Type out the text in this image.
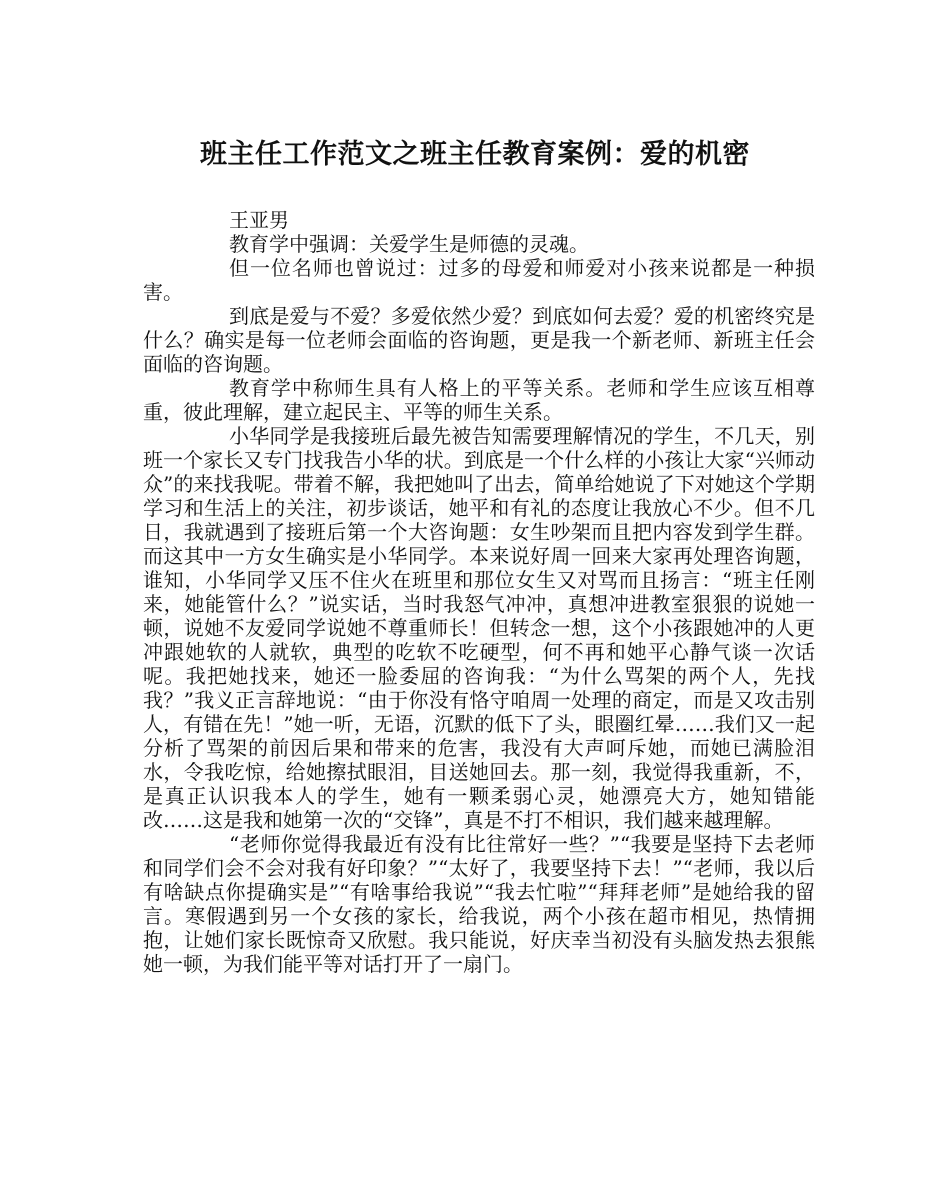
班主任工作范文之班主任教育案例：爱的机密

王亚男

教育学中强调：关爱学生是师德的灵魂。

但一位名师也曾说过：过多的母爱和师爱对小孩来说都是一种损害。

到底是爱与不爱？多爱依然少爱？到底如何去爱？爱的机密终究是什么？确实是每一位老师会面临的咨询题，更是我一个新老师、新班主任会面临的咨询题。

教育学中称师生具有人格上的平等关系。老师和学生应该互相尊重，彼此理解，建立起民主、平等的师生关系。

小华同学是我接班后最先被告知需要理解情况的学生，不几天，别班一个家长又专门找我告小华的状。到底是一个什么样的小孩让大家“兴师动众”的来找我呢。带着不解，我把她叫了出去，简单给她说了下对她这个学期学习和生活上的关注，初步谈话，她平和有礼的态度让我放心不少。但不几日，我就遇到了接班后第一个大咨询题：女生吵架而且把内容发到学生群。而这其中一方女生确实是小华同学。本来说好周一回来大家再处理咨询题，谁知，小华同学又压不住火在班里和那位女生又对骂而且扬言：“班主任刚来，她能管什么？”说实话，当时我怒气冲冲，真想冲进教室狠狠的说她一顿，说她不友爱同学说她不尊重师长！但转念一想，这个小孩跟她冲的人更冲跟她软的人就软，典型的吃软不吃硬型，何不再和她平心静气谈一次话呢。我把她找来，她还一脸委屈的咨询我：“为什么骂架的两个人，先找我？”我义正言辞地说：“由于你没有恪守咱周一处理的商定，而是又攻击别人，有错在先！”她一听，无语，沉默的低下了头，眼圈红晕……我们又一起分析了骂架的前因后果和带来的危害，我没有大声呵斥她，而她已满脸泪水，令我吃惊，给她擦拭眼泪，目送她回去。那一刻，我觉得我重新，不，是真正认识我本人的学生，她有一颗柔弱心灵，她漂亮大方，她知错能改……这是我和她第一次的“交锋”，真是不打不相识，我们越来越理解。

“老师你觉得我最近有没有比往常好一些？”“我要是坚持下去老师和同学们会不会对我有好印象？”“太好了，我要坚持下去！”“老师，我以后有啥缺点你提确实是”“有啥事给我说”“我去忙啦”“拜拜老师”是她给我的留言。寒假遇到另一个女孩的家长，给我说，两个小孩在超市相见，热情拥抱，让她们家长既惊奇又欣慰。我只能说，好庆幸当初没有头脑发热去狠熊她一顿，为我们能平等对话打开了一扇门。
